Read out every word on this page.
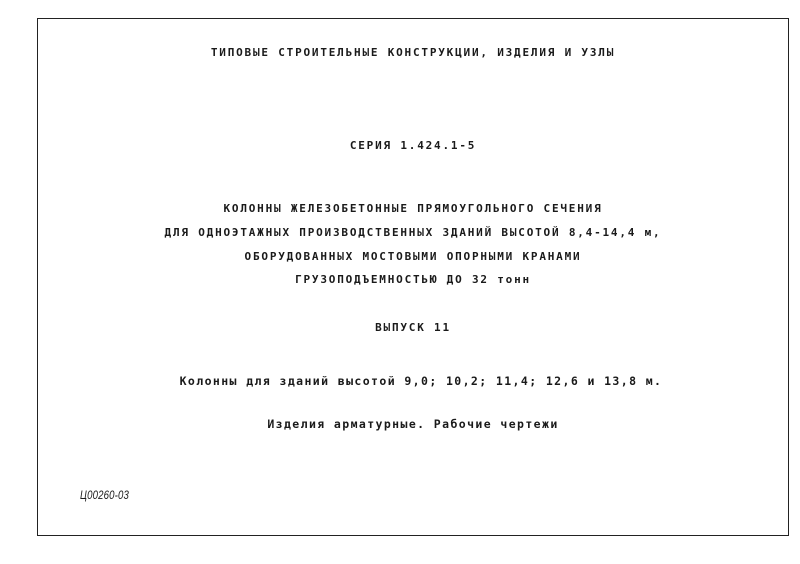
ТИПОВЫЕ СТРОИТЕЛЬНЫЕ КОНСТРУКЦИИ, ИЗДЕЛИЯ И УЗЛЫ
СЕРИЯ 1.424.1-5
КОЛОННЫ ЖЕЛЕЗОБЕТОННЫЕ ПРЯМОУГОЛЬНОГО СЕЧЕНИЯ
ДЛЯ ОДНОЭТАЖНЫХ ПРОИЗВОДСТВЕННЫХ ЗДАНИЙ ВЫСОТОЙ 8,4-14,4 м,
ОБОРУДОВАННЫХ МОСТОВЫМИ ОПОРНЫМИ КРАНАМИ
ГРУЗОПОДЪЕМНОСТЬЮ ДО 32 тонн
ВЫПУСК 11
Колонны для зданий высотой 9,0; 10,2; 11,4; 12,6 и 13,8 м.
Изделия арматурные. Рабочие чертежи
Ц00260-03
